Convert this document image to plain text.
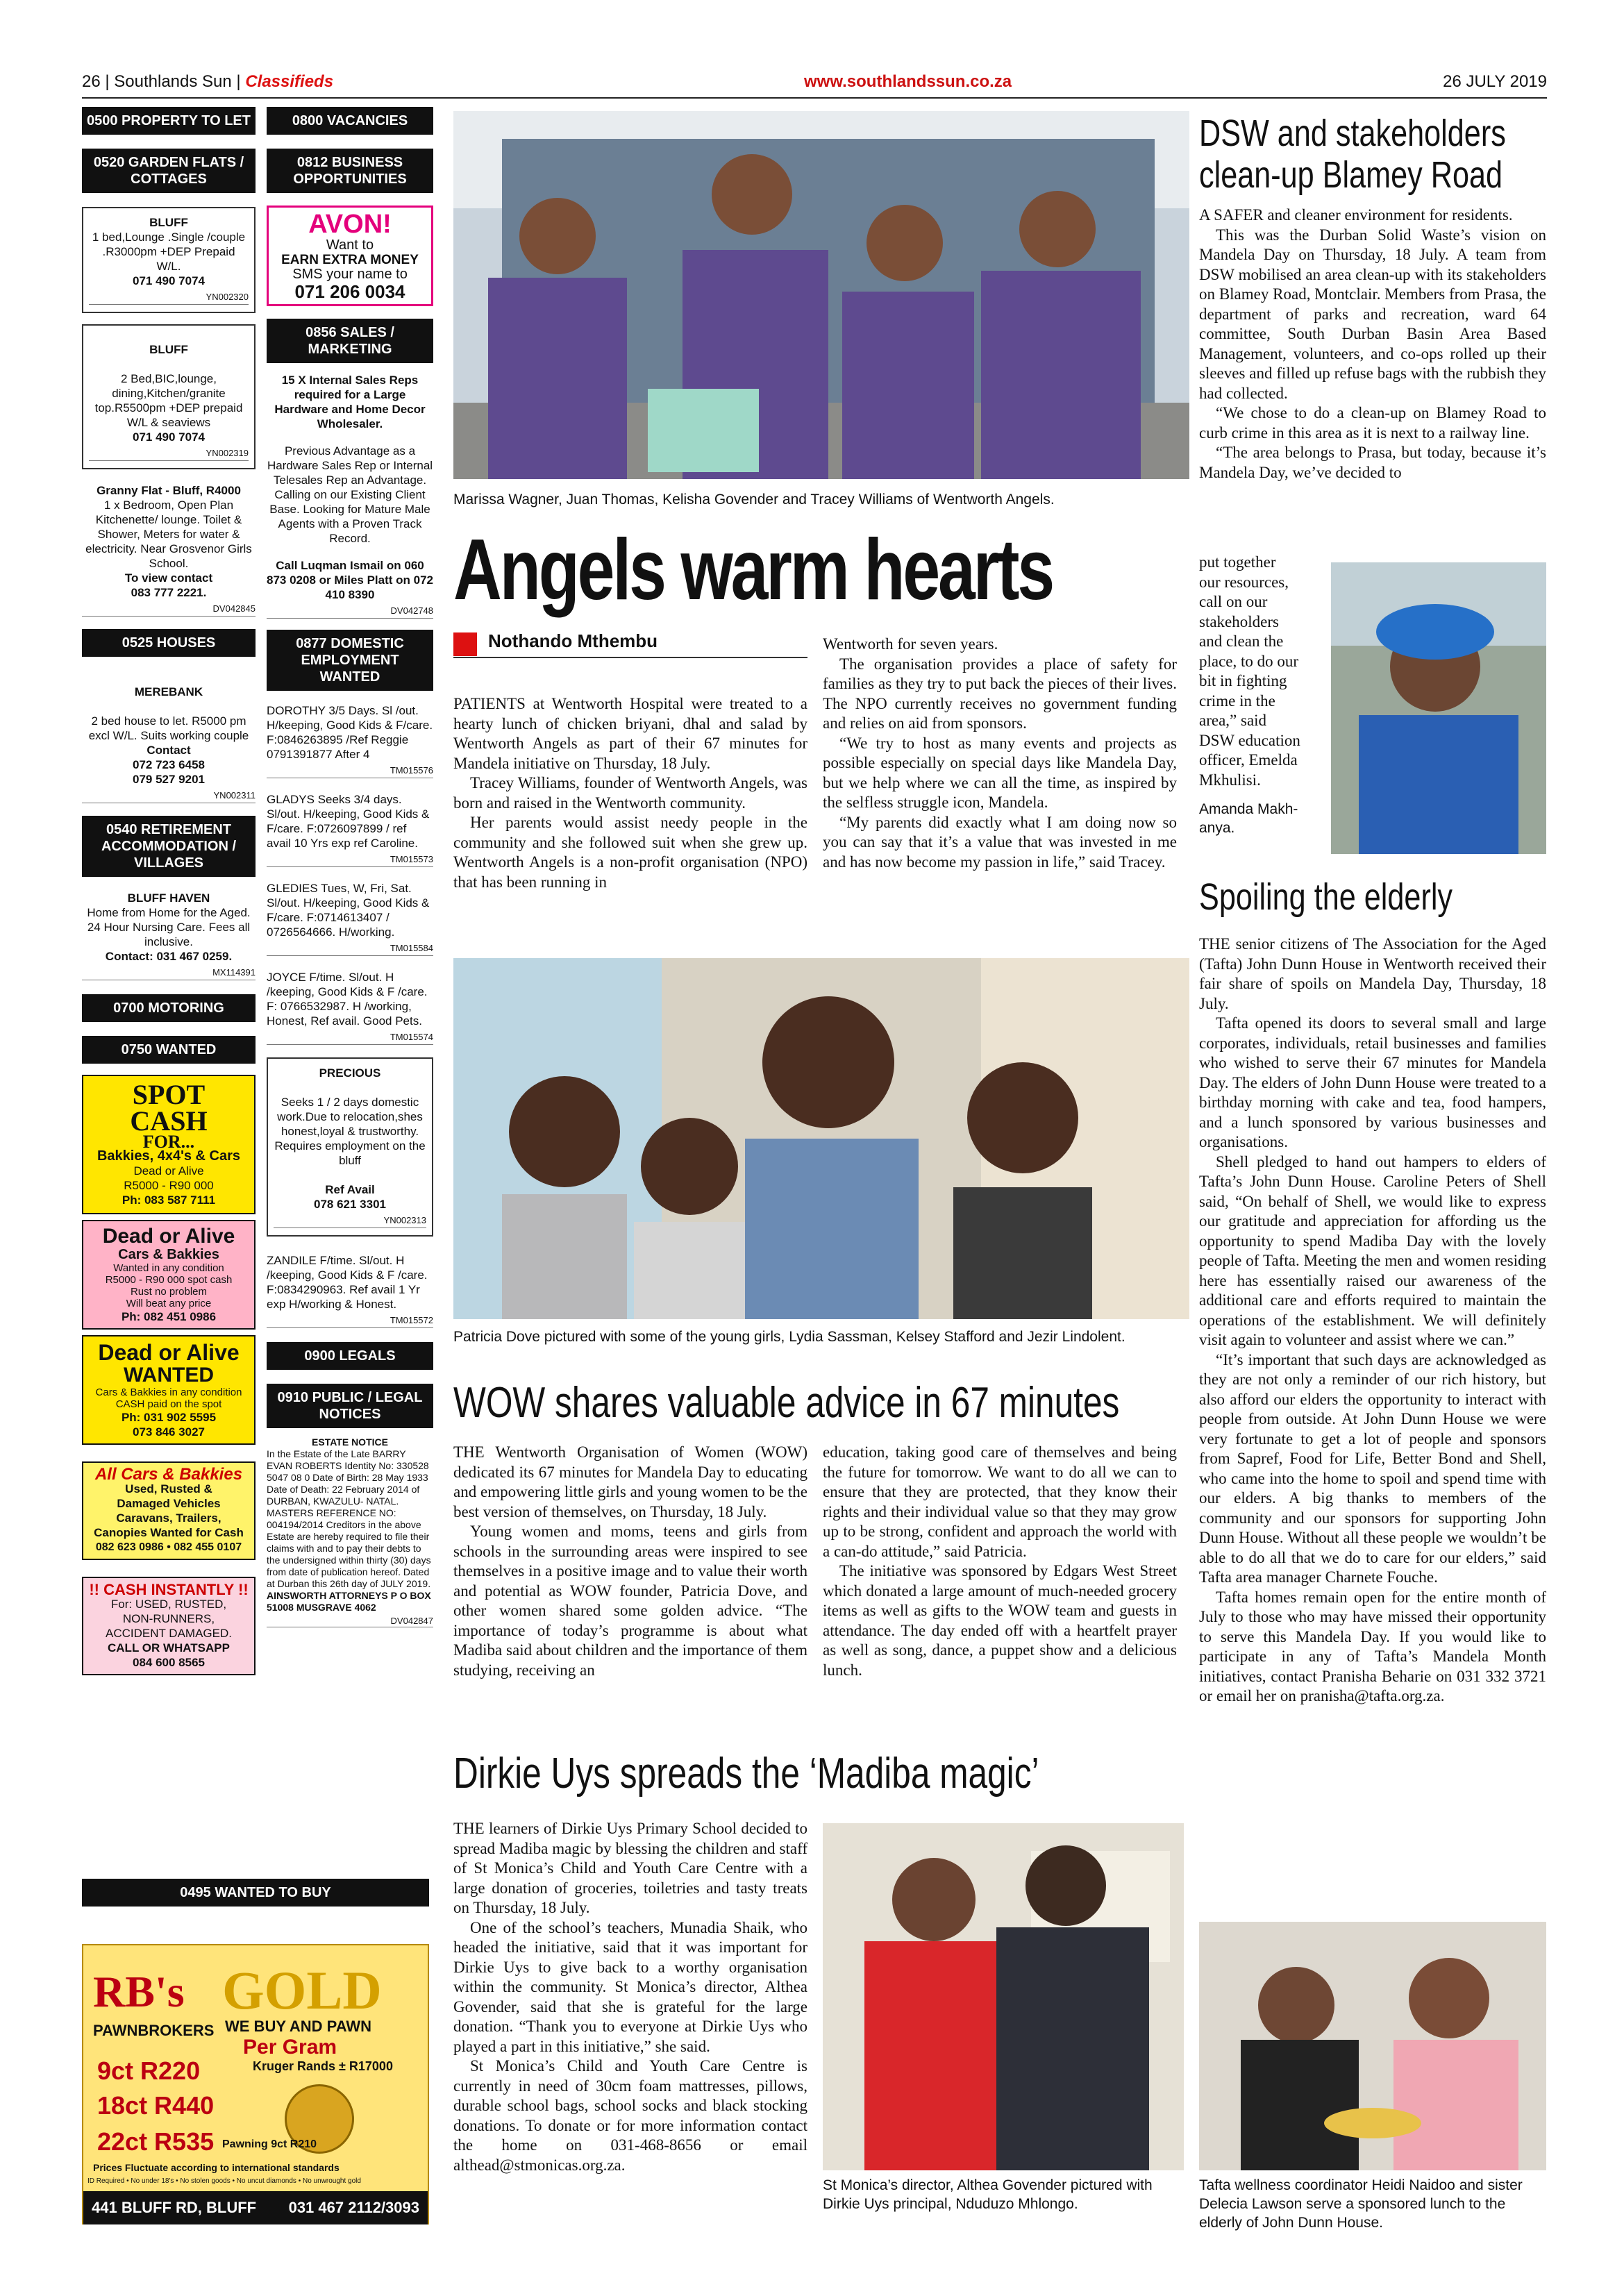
26 | Southlands Sun | Classifieds	www.southlandssun.co.za	26 JULY 2019
0500 PROPERTY TO LET
0520 GARDEN FLATS / COTTAGES
BLUFF
1 bed,Lounge .Single /couple .R3000pm +DEP Prepaid W/L.
071 490 7074
YN002320
BLUFF

2 Bed,BIC,lounge, dining,Kitchen/granite top.R5500pm +DEP prepaid W/L & seaviews
071 490 7074
YN002319
Granny Flat - Bluff, R4000
1 x Bedroom, Open Plan Kitchenette/ lounge. Toilet & Shower, Meters for water & electricity. Near Grosvenor Girls School.
To view contact
083 777 2221.
DV042845
0525 HOUSES
MEREBANK

2 bed house to let. R5000 pm excl W/L. Suits working couple
Contact
072 723 6458
079 527 9201
YN002311
0540 RETIREMENT ACCOMMODATION / VILLAGES
BLUFF HAVEN
Home from Home for the Aged. 24 Hour Nursing Care. Fees all inclusive.
Contact: 031 467 0259.
MX114391
0700 MOTORING
0750 WANTED
SPOT
CASH
FOR...
Bakkies, 4x4's & Cars
Dead or Alive
R5000 - R90 000
Ph: 083 587 7111
Dead or Alive
Cars & Bakkies
Wanted in any condition
R5000 - R90 000 spot cash
Rust no problem
Will beat any price
Ph: 082 451 0986
Dead or Alive
WANTED
Cars & Bakkies in any condition
CASH paid on the spot
Ph: 031 902 5595
073 846 3027
All Cars & Bakkies
Used, Rusted &
Damaged Vehicles
Caravans, Trailers,
Canopies Wanted for Cash
082 623 0986 • 082 455 0107
!! CASH INSTANTLY !!
For: USED, RUSTED,
NON-RUNNERS,
ACCIDENT DAMAGED.
CALL OR WHATSAPP
084 600 8565
0495 WANTED TO BUY
RB's GOLD
PAWNBROKERS WE BUY AND PAWN
Per Gram
Kruger Rands ± R17000
9ct R220
18ct R440
22ct R535 Pawning 9ct R210
Prices Fluctuate according to international standards
ID Required • No under 18's • No stolen goods • No uncut diamonds • No unwrought gold
441 BLUFF RD, BLUFF 031 467 2112/3093
0800 VACANCIES
0812 BUSINESS OPPORTUNITIES
AVON!
Want to
EARN EXTRA MONEY
SMS your name to
071 206 0034
0856 SALES / MARKETING
15 X Internal Sales Reps required for a Large Hardware and Home Decor Wholesaler.
Previous Advantage as a Hardware Sales Rep or Internal Telesales Rep an Advantage. Calling on our Existing Client Base. Looking for Mature Male Agents with a Proven Track Record.
Call Luqman Ismail on 060 873 0208 or Miles Platt on 072 410 8390
DV042748
0877 DOMESTIC EMPLOYMENT WANTED
DOROTHY 3/5 Days. Sl /out. H/keeping, Good Kids & F/care. F:0846263895 /Ref Reggie 0791391877 After 4
TM015576
GLADYS Seeks 3/4 days. Sl/out. H/keeping, Good Kids & F/care. F:0726097899 / ref avail 10 Yrs exp ref Caroline.
TM015573
GLEDIES Tues, W, Fri, Sat. Sl/out. H/keeping, Good Kids & F/care. F:0714613407 / 0726564666. H/working.
TM015584
JOYCE F/time. Sl/out. H /keeping, Good Kids & F /care. F: 0766532987. H /working, Honest, Ref avail. Good Pets.
TM015574
PRECIOUS

Seeks 1 / 2 days domestic work.Due to relocation,shes honest,loyal & trustworthy. Requires employment on the bluff

Ref Avail
078 621 3301
YN002313
ZANDILE F/time. Sl/out. H /keeping, Good Kids & F /care. F:0834290963. Ref avail 1 Yr exp H/working & Honest.
TM015572
0900 LEGALS
0910 PUBLIC / LEGAL NOTICES
ESTATE NOTICE
In the Estate of the Late BARRY EVAN ROBERTS Identity No: 330528 5047 08 0 Date of Birth: 28 May 1933 Date of Death: 22 February 2014 of DURBAN, KWAZULU- NATAL. MASTERS REFERENCE NO: 004194/2014 Creditors in the above Estate are hereby required to file their claims with and to pay their debts to the undersigned within thirty (30) days from date of publication hereof. Dated at Durban this 26th day of JULY 2019.
AINSWORTH ATTORNEYS P O BOX 51008 MUSGRAVE 4062
DV042847
Marissa Wagner, Juan Thomas, Kelisha Govender and Tracey Williams of Wentworth Angels.
Angels warm hearts
Nothando Mthembu

PATIENTS at Wentworth Hospital were treated to a hearty lunch of chicken briyani, dhal and salad by Wentworth Angels as part of their 67 minutes for Mandela initiative on Thursday, 18 July.

Tracey Williams, founder of Wentworth Angels, was born and raised in the Wentworth community.

Her parents would assist needy people in the community and she followed suit when she grew up. Wentworth Angels is a non-profit organisation (NPO) that has been running in

Wentworth for seven years.

The organisation provides a place of safety for families as they try to put back the pieces of their lives. The NPO currently receives no government funding and relies on aid from sponsors.

“We try to host as many events and projects as possible especially on special days like Mandela Day, but we help where we can all the time, as inspired by the selfless struggle icon, Mandela.

“My parents did exactly what I am doing now so you can say that it’s a value that was invested in me and has now become my passion in life,” said Tracey.

Patricia Dove pictured with some of the young girls, Lydia Sassman, Kelsey Stafford and Jezir Lindolent.
WOW shares valuable advice in 67 minutes

THE Wentworth Organisation of Women (WOW) dedicated its 67 minutes for Mandela Day to educating and empowering little girls and young women to be the best version of themselves, on Thursday, 18 July.

Young women and moms, teens and girls from schools in the surrounding areas were inspired to see themselves in a positive image and to value their worth and potential as WOW founder, Patricia Dove, and other women shared some golden advice. “The importance of today’s programme is about what Madiba said about children and the importance of them studying, receiving an

education, taking good care of themselves and being the future for tomorrow. We want to do all we can to ensure that they are protected, that they know their rights and their individual value so that they may grow up to be strong, confident and approach the world with a can-do attitude,” said Patricia.

The initiative was sponsored by Edgars West Street which donated a large amount of much-needed grocery items as well as gifts to the WOW team and guests in attendance. The day ended off with a heartfelt prayer as well as song, dance, a puppet show and a delicious lunch.

Dirkie Uys spreads the ‘Madiba magic’

THE learners of Dirkie Uys Primary School decided to spread Madiba magic by blessing the children and staff of St Monica’s Child and Youth Care Centre with a large donation of groceries, toiletries and tasty treats on Thursday, 18 July.

One of the school’s teachers, Munadia Shaik, who headed the initiative, said that it was important for Dirkie Uys to give back to a worthy organisation within the community. St Monica’s director, Althea Govender, said that she is grateful for the large donation. “Thank you to everyone at Dirkie Uys who played a part in this initiative,” she said.

St Monica’s Child and Youth Care Centre is currently in need of 30cm foam mattresses, pillows, durable school bags, school socks and black stocking donations. To donate or for more information contact the home on 031-468-8656 or email althead@stmonicas.org.za.

St Monica’s director, Althea Govender pictured with Dirkie Uys principal, Nduduzo Mhlongo.
DSW and stakeholders clean-up Blamey Road

A SAFER and cleaner environment for residents.

This was the Durban Solid Waste’s vision on Mandela Day on Thursday, 18 July. A team from DSW mobilised an area clean-up with its stakeholders on Blamey Road, Montclair. Members from Prasa, the department of parks and recreation, ward 64 committee, South Durban Basin Area Based Management, volunteers, and co-ops rolled up their sleeves and filled up refuse bags with the rubbish they had collected.

“We chose to do a clean-up on Blamey Road to curb crime in this area as it is next to a railway line.

“The area belongs to Prasa, but today, because it’s Mandela Day, we’ve decided to

put together
our resources,
call on our
stakeholders
and clean the
place, to do our
bit in fighting
crime in the
area,” said
DSW education
officer, Emelda
Mkhulisi.
Amanda Makh- anya.
Spoiling the elderly

THE senior citizens of The Association for the Aged (Tafta) John Dunn House in Wentworth received their fair share of spoils on Mandela Day, Thursday, 18 July.

Tafta opened its doors to several small and large corporates, individuals, retail businesses and families who wished to serve their 67 minutes for Mandela Day. The elders of John Dunn House were treated to a birthday morning with cake and tea, food hampers, and a lunch sponsored by various businesses and organisations.

Shell pledged to hand out hampers to elders of Tafta’s John Dunn House. Caroline Peters of Shell said, “On behalf of Shell, we would like to express our gratitude and appreciation for affording us the opportunity to spend Madiba Day with the lovely people of Tafta. Meeting the men and women residing here has essentially raised our awareness of the additional care and efforts required to maintain the operations of the establishment. We will definitely visit again to volunteer and assist where we can.”

“It’s important that such days are acknowledged as they are not only a reminder of our rich history, but also afford our elders the opportunity to interact with people from outside. At John Dunn House we were very fortunate to get a lot of people and sponsors from Sapref, Food for Life, Better Bond and Shell, who came into the home to spoil and spend time with our elders. A big thanks to members of the community and our sponsors for supporting John Dunn House. Without all these people we wouldn’t be able to do all that we do to care for our elders,” said Tafta area manager Charnete Fouche.

Tafta homes remain open for the entire month of July to those who may have missed their opportunity to serve this Mandela Day. If you would like to participate in any of Tafta’s Mandela Month initiatives, contact Pranisha Beharie on 031 332 3721 or email her on pranisha@tafta.org.za.

Tafta wellness coordinator Heidi Naidoo and sister Delecia Lawson serve a sponsored lunch to the elderly of John Dunn House.
